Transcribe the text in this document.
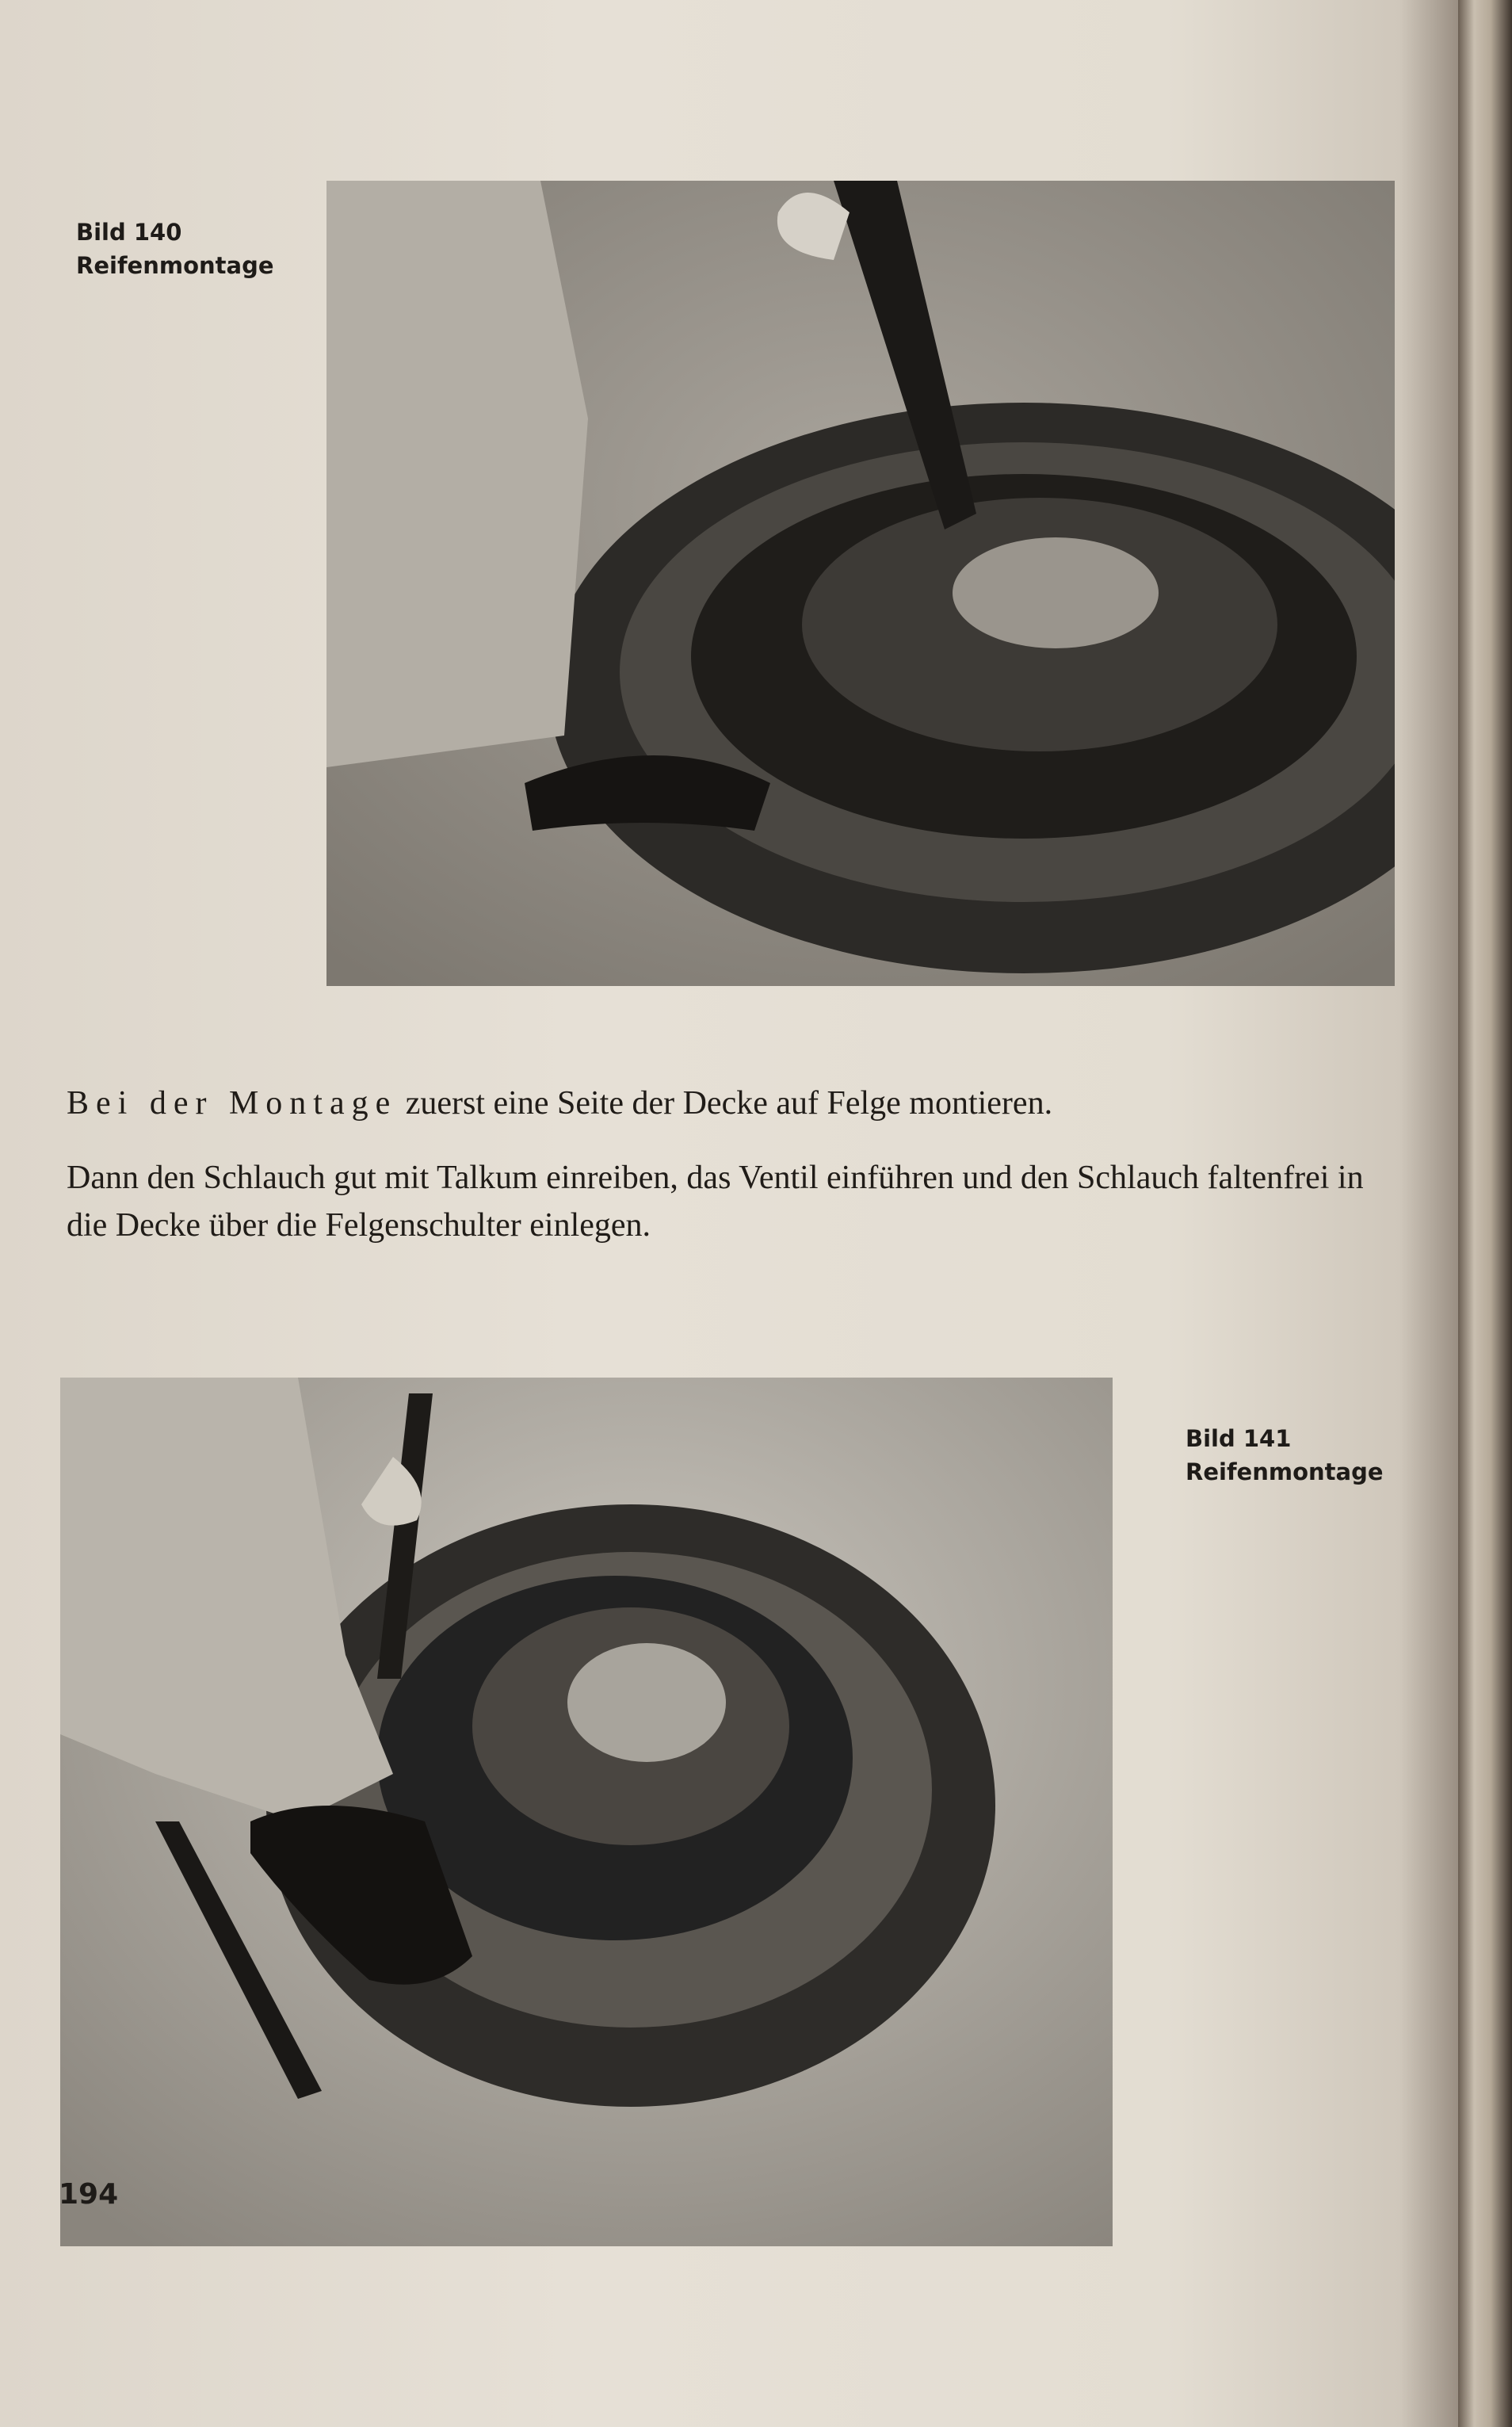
Bild 140
Reifenmontage

Bei der Montage zuerst eine Seite der Decke auf Felge montieren.

Dann den Schlauch gut mit Talkum einreiben, das Ventil einführen und den Schlauch faltenfrei in die Decke über die Felgenschulter einlegen.

Bild 141
Reifenmontage
194
